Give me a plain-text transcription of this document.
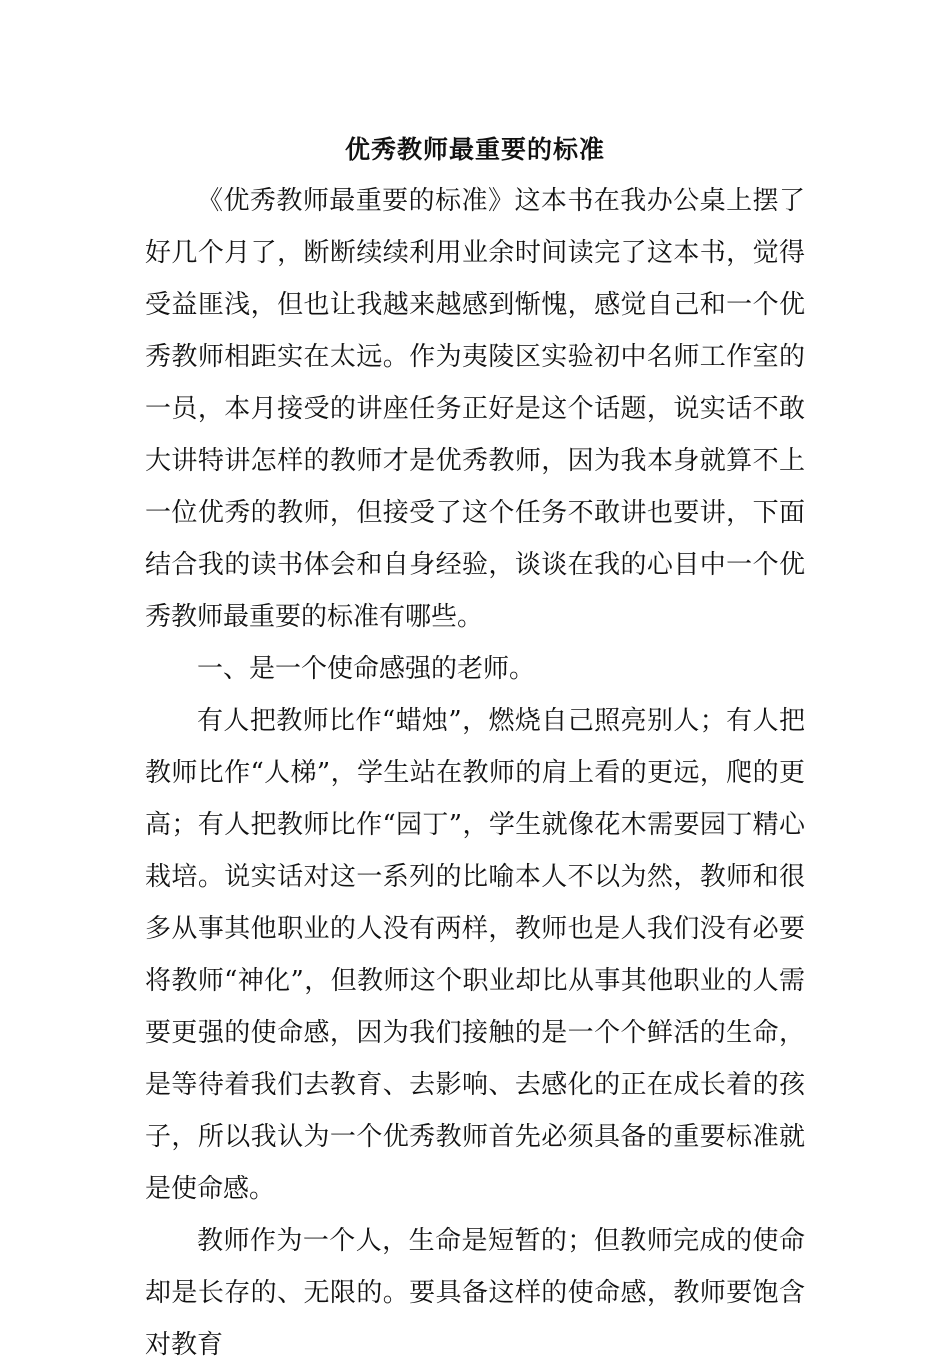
优秀教师最重要的标准

《优秀教师最重要的标准》这本书在我办公桌上摆了好几个月了，断断续续利用业余时间读完了这本书，觉得受益匪浅，但也让我越来越感到惭愧，感觉自己和一个优秀教师相距实在太远。作为夷陵区实验初中名师工作室的一员，本月接受的讲座任务正好是这个话题，说实话不敢大讲特讲怎样的教师才是优秀教师，因为我本身就算不上一位优秀的教师，但接受了这个任务不敢讲也要讲，下面结合我的读书体会和自身经验，谈谈在我的心目中一个优秀教师最重要的标准有哪些。

一、是一个使命感强的老师。

有人把教师比作“蜡烛”，燃烧自己照亮别人；有人把教师比作“人梯”，学生站在教师的肩上看的更远，爬的更高；有人把教师比作“园丁”，学生就像花木需要园丁精心栽培。说实话对这一系列的比喻本人不以为然，教师和很多从事其他职业的人没有两样，教师也是人我们没有必要将教师“神化”，但教师这个职业却比从事其他职业的人需要更强的使命感，因为我们接触的是一个个鲜活的生命，是等待着我们去教育、去影响、去感化的正在成长着的孩子，所以我认为一个优秀教师首先必须具备的重要标准就是使命感。

教师作为一个人，生命是短暂的；但教师完成的使命却是长存的、无限的。要具备这样的使命感，教师要饱含对教育
